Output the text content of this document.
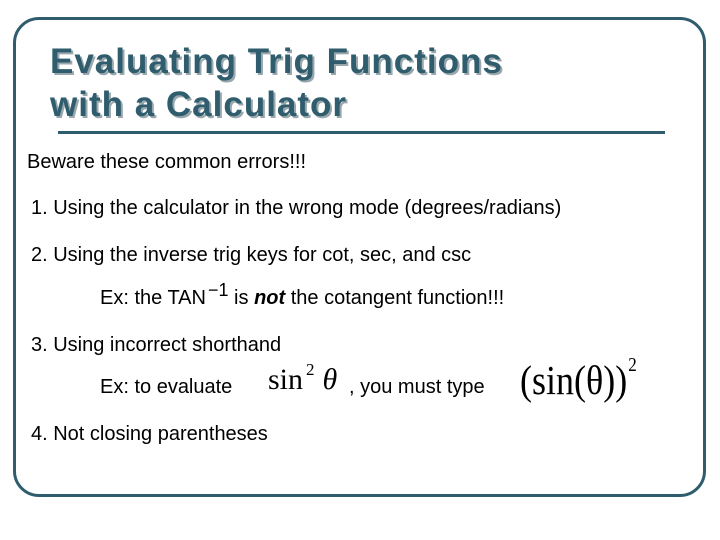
Evaluating Trig Functions
with a Calculator

Beware these common errors!!!

1. Using the calculator in the wrong mode (degrees/radians)

2. Using the inverse trig keys for cot, sec, and csc

Ex: the TAN −1 is not the cotangent function!!!

3. Using incorrect shorthand

Ex: to evaluate sin $^2$ θ , you must type $(\sin(\theta))^2$

4. Not closing parentheses
